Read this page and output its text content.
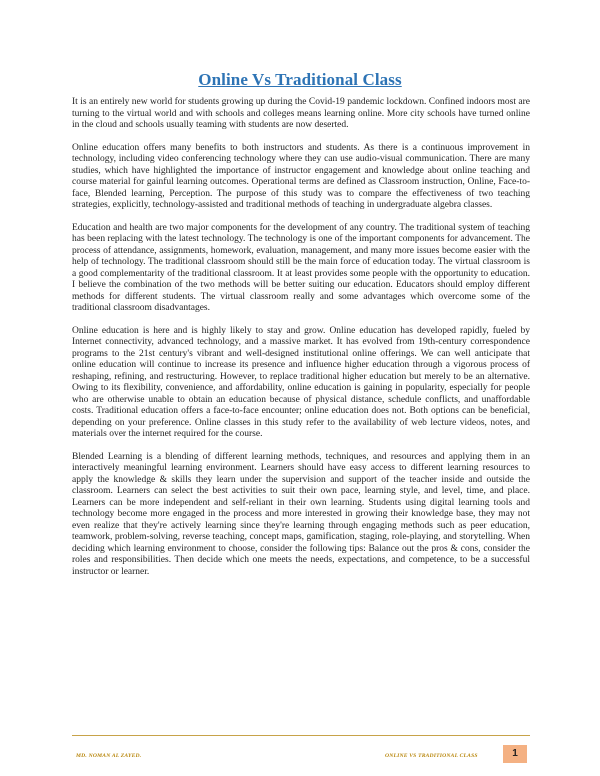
Online Vs Traditional Class

It is an entirely new world for students growing up during the Covid-19 pandemic lockdown. Confined indoors most are turning to the virtual world and with schools and colleges means learning online. More city schools have turned online in the cloud and schools usually teaming with students are now deserted.

Online education offers many benefits to both instructors and students. As there is a continuous improvement in technology, including video conferencing technology where they can use audio-visual communication. There are many studies, which have highlighted the importance of instructor engagement and knowledge about online teaching and course material for gainful learning outcomes. Operational terms are defined as Classroom instruction, Online, Face-to-face, Blended learning, Perception. The purpose of this study was to compare the effectiveness of two teaching strategies, explicitly, technology-assisted and traditional methods of teaching in undergraduate algebra classes.

Education and health are two major components for the development of any country. The traditional system of teaching has been replacing with the latest technology. The technology is one of the important components for advancement. The process of attendance, assignments, homework, evaluation, management, and many more issues become easier with the help of technology. The traditional classroom should still be the main force of education today. The virtual classroom is a good complementarity of the traditional classroom. It at least provides some people with the opportunity to education. I believe the combination of the two methods will be better suiting our education. Educators should employ different methods for different students. The virtual classroom really and some advantages which overcome some of the traditional classroom disadvantages.

Online education is here and is highly likely to stay and grow. Online education has developed rapidly, fueled by Internet connectivity, advanced technology, and a massive market. It has evolved from 19th-century correspondence programs to the 21st century's vibrant and well-designed institutional online offerings. We can well anticipate that online education will continue to increase its presence and influence higher education through a vigorous process of reshaping, refining, and restructuring. However, to replace traditional higher education but merely to be an alternative. Owing to its flexibility, convenience, and affordability, online education is gaining in popularity, especially for people who are otherwise unable to obtain an education because of physical distance, schedule conflicts, and unaffordable costs. Traditional education offers a face-to-face encounter; online education does not. Both options can be beneficial, depending on your preference. Online classes in this study refer to the availability of web lecture videos, notes, and materials over the internet required for the course.

Blended Learning is a blending of different learning methods, techniques, and resources and applying them in an interactively meaningful learning environment. Learners should have easy access to different learning resources to apply the knowledge & skills they learn under the supervision and support of the teacher inside and outside the classroom. Learners can select the best activities to suit their own pace, learning style, and level, time, and place. Learners can be more independent and self-reliant in their own learning. Students using digital learning tools and technology become more engaged in the process and more interested in growing their knowledge base, they may not even realize that they're actively learning since they're learning through engaging methods such as peer education, teamwork, problem-solving, reverse teaching, concept maps, gamification, staging, role-playing, and storytelling. When deciding which learning environment to choose, consider the following tips: Balance out the pros & cons, consider the roles and responsibilities. Then decide which one meets the needs, expectations, and competence, to be a successful instructor or learner.

MD. NOMAN AL ZAYED.	ONLINE VS TRADITIONAL CLASS	1
